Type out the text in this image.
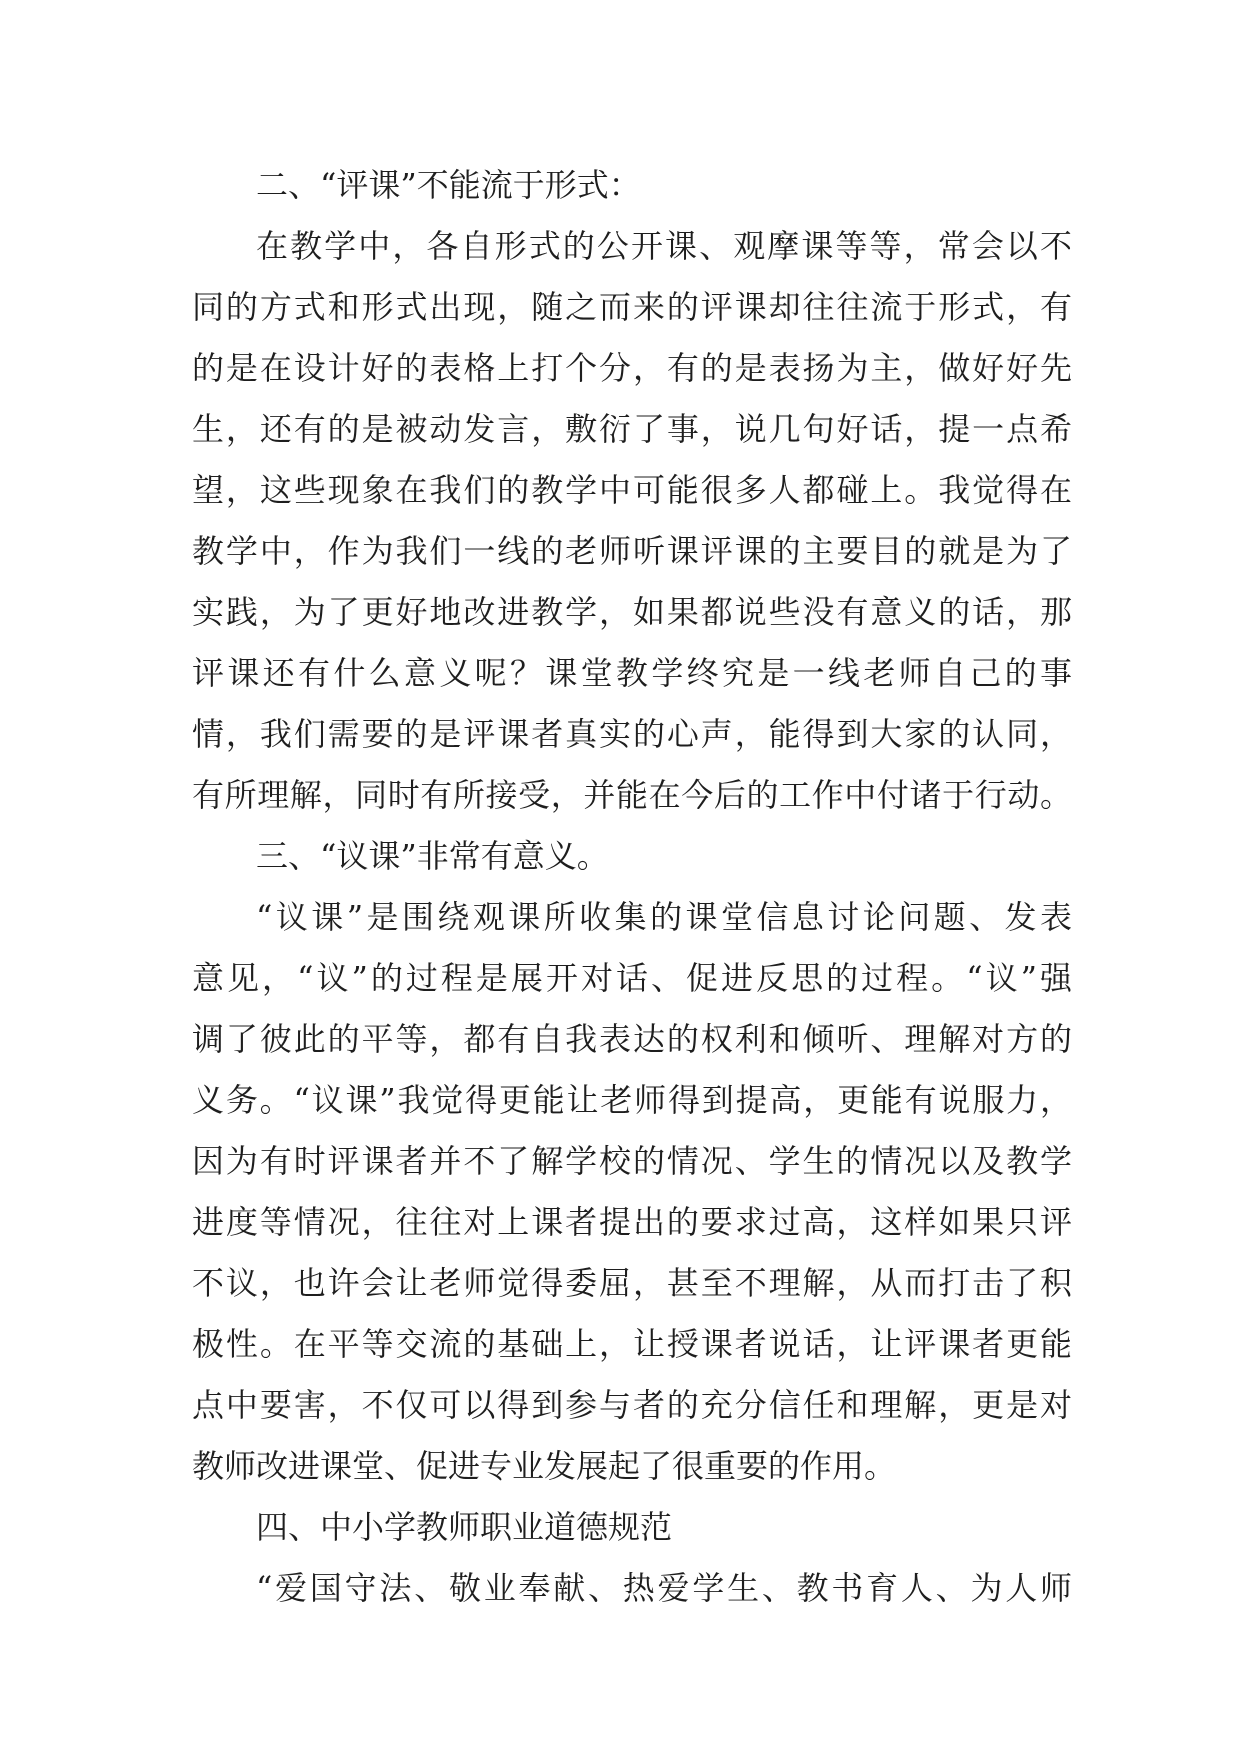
二、“评课”不能流于形式：
在教学中，各自形式的公开课、观摩课等等，常会以不
同的方式和形式出现，随之而来的评课却往往流于形式，有
的是在设计好的表格上打个分，有的是表扬为主，做好好先
生，还有的是被动发言，敷衍了事，说几句好话，提一点希
望，这些现象在我们的教学中可能很多人都碰上。我觉得在
教学中，作为我们一线的老师听课评课的主要目的就是为了
实践，为了更好地改进教学，如果都说些没有意义的话，那
评课还有什么意义呢？课堂教学终究是一线老师自己的事
情，我们需要的是评课者真实的心声，能得到大家的认同，
有所理解，同时有所接受，并能在今后的工作中付诸于行动。
三、“议课”非常有意义。
“议课”是围绕观课所收集的课堂信息讨论问题、发表
意见，“议”的过程是展开对话、促进反思的过程。“议”强
调了彼此的平等，都有自我表达的权利和倾听、理解对方的
义务。“议课”我觉得更能让老师得到提高，更能有说服力，
因为有时评课者并不了解学校的情况、学生的情况以及教学
进度等情况，往往对上课者提出的要求过高，这样如果只评
不议，也许会让老师觉得委屈，甚至不理解，从而打击了积
极性。在平等交流的基础上，让授课者说话，让评课者更能
点中要害，不仅可以得到参与者的充分信任和理解，更是对
教师改进课堂、促进专业发展起了很重要的作用。
四、中小学教师职业道德规范
“爱国守法、敬业奉献、热爱学生、教书育人、为人师
